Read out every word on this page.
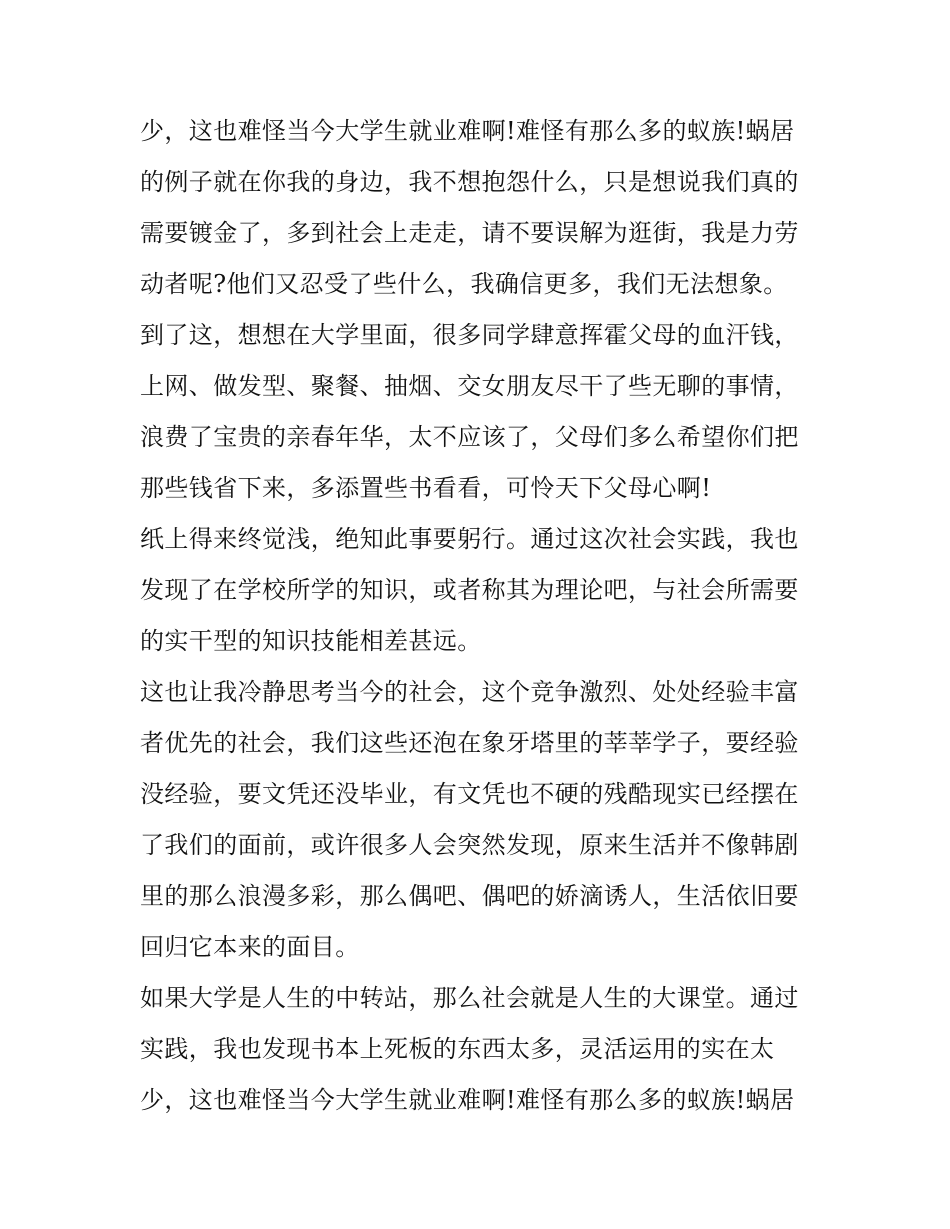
少，这也难怪当今大学生就业难啊!难怪有那么多的蚁族!蜗居
的例子就在你我的身边，我不想抱怨什么，只是想说我们真的
需要镀金了，多到社会上走走，请不要误解为逛街，我是力劳
动者呢?他们又忍受了些什么，我确信更多，我们无法想象。
到了这，想想在大学里面，很多同学肆意挥霍父母的血汗钱，
上网、做发型、聚餐、抽烟、交女朋友尽干了些无聊的事情，
浪费了宝贵的亲春年华，太不应该了，父母们多么希望你们把
那些钱省下来，多添置些书看看，可怜天下父母心啊!
纸上得来终觉浅，绝知此事要躬行。通过这次社会实践，我也
发现了在学校所学的知识，或者称其为理论吧，与社会所需要
的实干型的知识技能相差甚远。
这也让我冷静思考当今的社会，这个竞争激烈、处处经验丰富
者优先的社会，我们这些还泡在象牙塔里的莘莘学子，要经验
没经验，要文凭还没毕业，有文凭也不硬的残酷现实已经摆在
了我们的面前，或许很多人会突然发现，原来生活并不像韩剧
里的那么浪漫多彩，那么偶吧、偶吧的娇滴诱人，生活依旧要
回归它本来的面目。
如果大学是人生的中转站，那么社会就是人生的大课堂。通过
实践，我也发现书本上死板的东西太多，灵活运用的实在太
少，这也难怪当今大学生就业难啊!难怪有那么多的蚁族!蜗居
